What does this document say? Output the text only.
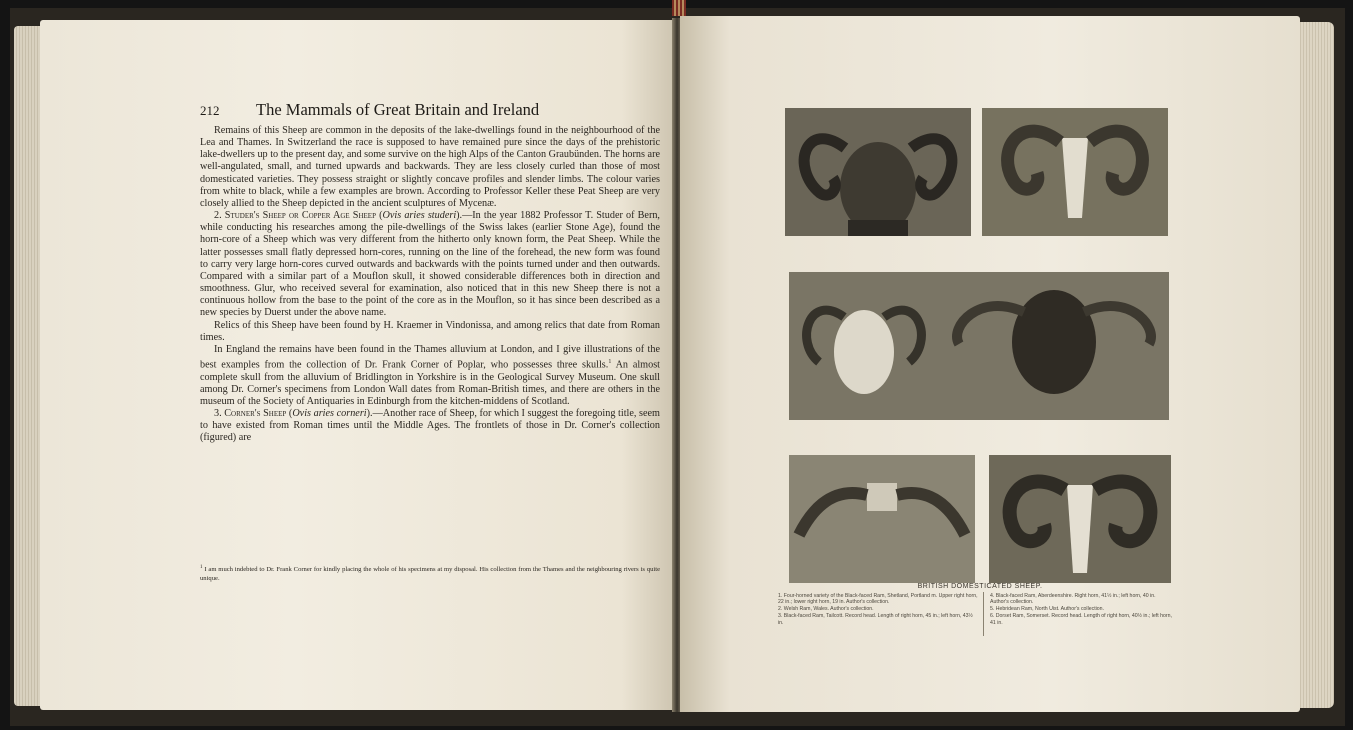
212 The Mammals of Great Britain and Ireland

Remains of this Sheep are common in the deposits of the lake-dwellings found in the neighbourhood of the Lea and Thames. In Switzerland the race is supposed to have remained pure since the days of the prehistoric lake-dwellers up to the present day, and some survive on the high Alps of the Canton Graubünden. The horns are well-angulated, small, and turned upwards and backwards. They are less closely curled than those of most domesticated varieties. They possess straight or slightly concave profiles and slender limbs. The colour varies from white to black, while a few examples are brown. According to Professor Keller these Peat Sheep are very closely allied to the Sheep depicted in the ancient sculptures of Mycenæ.

2. Studer's Sheep or Copper Age Sheep (Ovis aries studeri).—In the year 1882 Professor T. Studer of Bern, while conducting his researches among the pile-dwellings of the Swiss lakes (earlier Stone Age), found the horn-core of a Sheep which was very different from the hitherto only known form, the Peat Sheep. While the latter possesses small flatly depressed horn-cores, running on the line of the forehead, the new form was found to carry very large horn-cores curved outwards and backwards with the points turned under and then outwards. Compared with a similar part of a Mouflon skull, it showed considerable differences both in direction and smoothness. Glur, who received several for examination, also noticed that in this new Sheep there is not a continuous hollow from the base to the point of the core as in the Mouflon, so it has since been described as a new species by Duerst under the above name.

Relics of this Sheep have been found by H. Kraemer in Vindonissa, and among relics that date from Roman times.

In England the remains have been found in the Thames alluvium at London, and I give illustrations of the best examples from the collection of Dr. Frank Corner of Poplar, who possesses three skulls.$^1$ An almost complete skull from the alluvium of Bridlington in Yorkshire is in the Geological Survey Museum. One skull among Dr. Corner's specimens from London Wall dates from Roman-British times, and there are others in the museum of the Society of Antiquaries in Edinburgh from the kitchen-middens of Scotland.

3. Corner's Sheep (Ovis aries corneri).—Another race of Sheep, for which I suggest the foregoing title, seem to have existed from Roman times until the Middle Ages. The frontlets of those in Dr. Corner's collection (figured) are

$^1$ I am much indebted to Dr. Frank Corner for kindly placing the whole of his specimens at my disposal. His collection from the Thames and the neighbouring rivers is quite unique.
BRITISH DOMESTICATED SHEEP.
1. Four-horned variety of the Black-faced Ram, Shetland, Portland m. Upper right horn, 22 in.; lower right horn, 19 in. Author's collection.
2. Welsh Ram, Wales. Author's collection.
3. Black-faced Ram, Tailcott. Record head. Length of right horn, 45 in.; left horn, 43½ in.
4. Black-faced Ram, Aberdeenshire. Right horn, 41½ in.; left horn, 40 in. Author's collection.
5. Hebridean Ram, North Uist. Author's collection.
6. Dorset Ram, Somerset. Record head. Length of right horn, 40½ in.; left horn, 41 in.
